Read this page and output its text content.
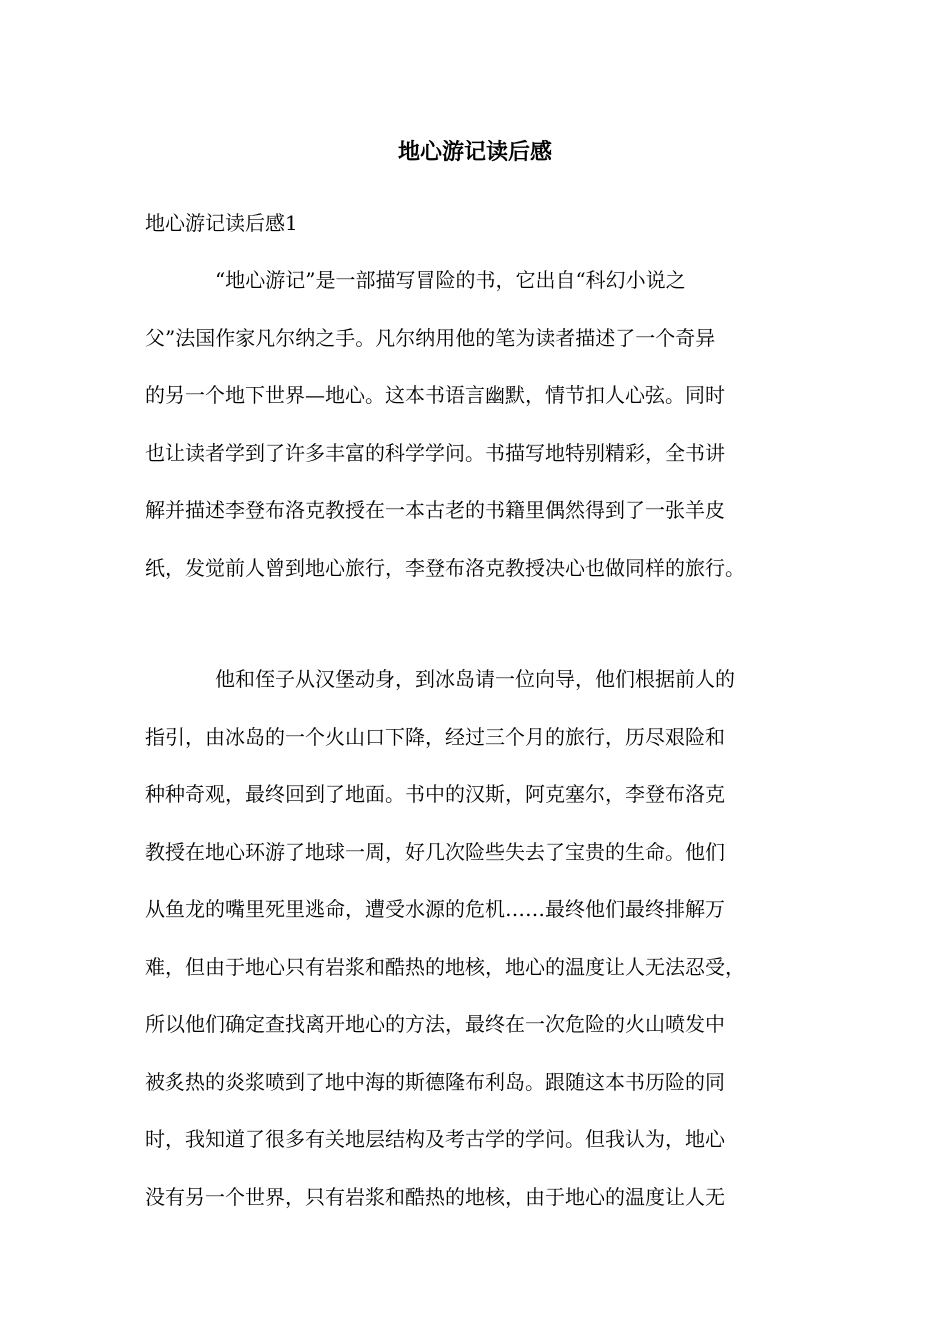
地心游记读后感
地心游记读后感1
“地心游记”是一部描写冒险的书，它出自“科幻小说之
父”法国作家凡尔纳之手。凡尔纳用他的笔为读者描述了一个奇异
的另一个地下世界—地心。这本书语言幽默，情节扣人心弦。同时
也让读者学到了许多丰富的科学学问。书描写地特别精彩，全书讲
解并描述李登布洛克教授在一本古老的书籍里偶然得到了一张羊皮
纸，发觉前人曾到地心旅行，李登布洛克教授决心也做同样的旅行。
他和侄子从汉堡动身，到冰岛请一位向导，他们根据前人的
指引，由冰岛的一个火山口下降，经过三个月的旅行，历尽艰险和
种种奇观，最终回到了地面。书中的汉斯，阿克塞尔，李登布洛克
教授在地心环游了地球一周，好几次险些失去了宝贵的生命。他们
从鱼龙的嘴里死里逃命，遭受水源的危机……最终他们最终排解万
难，但由于地心只有岩浆和酷热的地核，地心的温度让人无法忍受，
所以他们确定查找离开地心的方法，最终在一次危险的火山喷发中
被炙热的炎浆喷到了地中海的斯德隆布利岛。跟随这本书历险的同
时，我知道了很多有关地层结构及考古学的学问。但我认为，地心
没有另一个世界，只有岩浆和酷热的地核，由于地心的温度让人无
